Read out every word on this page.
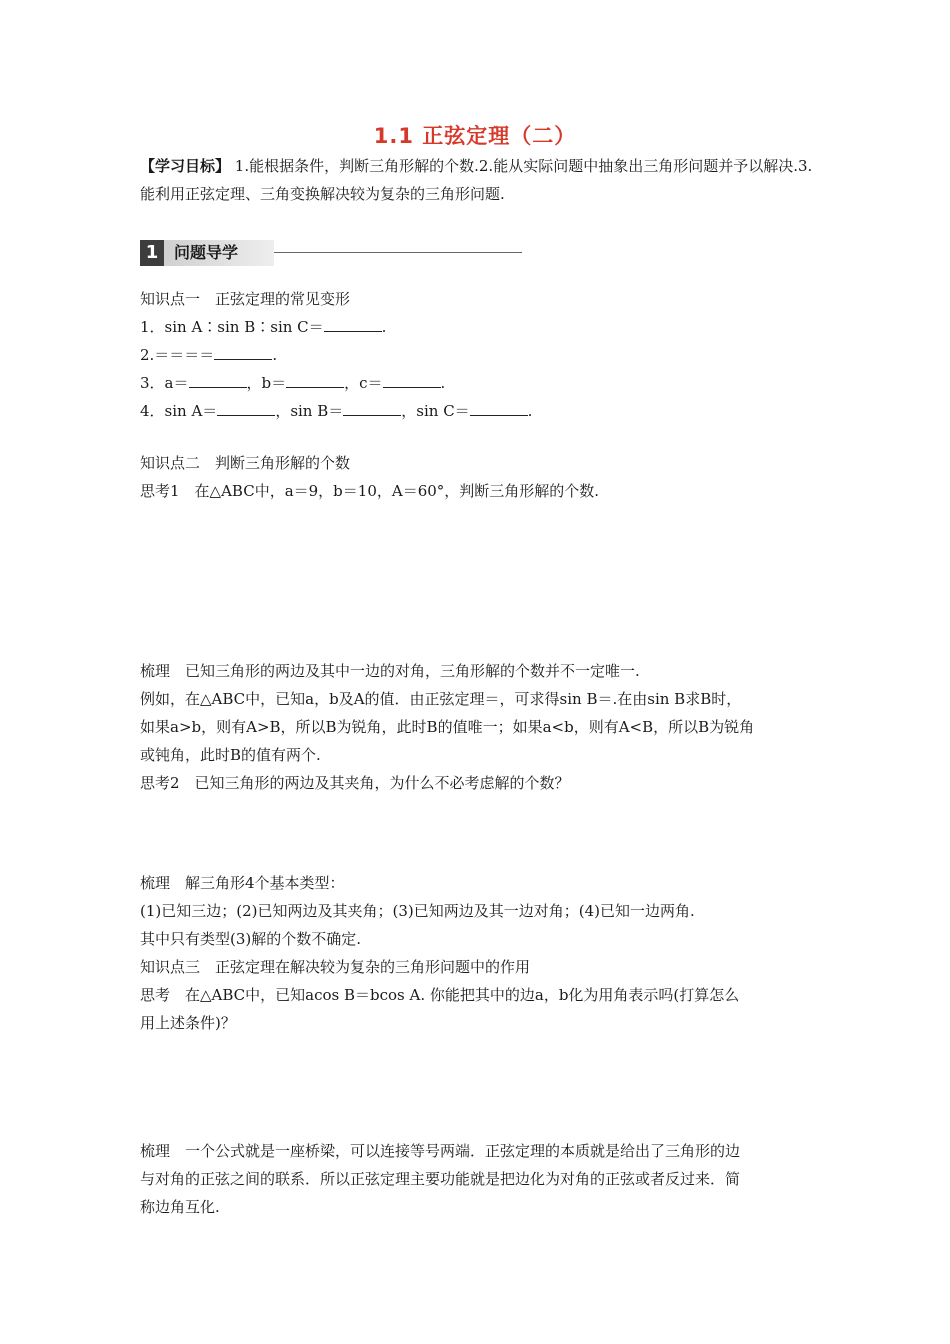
1.1 正弦定理（二）
【学习目标】 1.能根据条件，判断三角形解的个数.2.能从实际问题中抽象出三角形问题并予以解决.3.能利用正弦定理、三角变换解决较为复杂的三角形问题.
1 问题导学
知识点一　正弦定理的常见变形
1．sin A∶sin B∶sin C＝	.
2.＝＝＝＝	.
3．a＝	，b＝	，c＝	.
4．sin A＝	，sin B＝	，sin C＝	.
知识点二　判断三角形解的个数
思考1　在△ABC中，a＝9，b＝10，A＝60°，判断三角形解的个数.
梳理　已知三角形的两边及其中一边的对角，三角形解的个数并不一定唯一.
例如，在△ABC中，已知a，b及A的值．由正弦定理＝，可求得sin B＝.在由sin B求B时，
如果a>b，则有A>B，所以B为锐角，此时B的值唯一；如果a<b，则有A<B，所以B为锐角
或钝角，此时B的值有两个.
思考2　已知三角形的两边及其夹角，为什么不必考虑解的个数？
梳理　解三角形4个基本类型：
(1)已知三边；(2)已知两边及其夹角；(3)已知两边及其一边对角；(4)已知一边两角.
其中只有类型(3)解的个数不确定.
知识点三　正弦定理在解决较为复杂的三角形问题中的作用
思考　在△ABC中，已知acos B＝bcos A. 你能把其中的边a，b化为用角表示吗(打算怎么
用上述条件)？
梳理　一个公式就是一座桥梁，可以连接等号两端．正弦定理的本质就是给出了三角形的边
与对角的正弦之间的联系．所以正弦定理主要功能就是把边化为对角的正弦或者反过来．简
称边角互化.
